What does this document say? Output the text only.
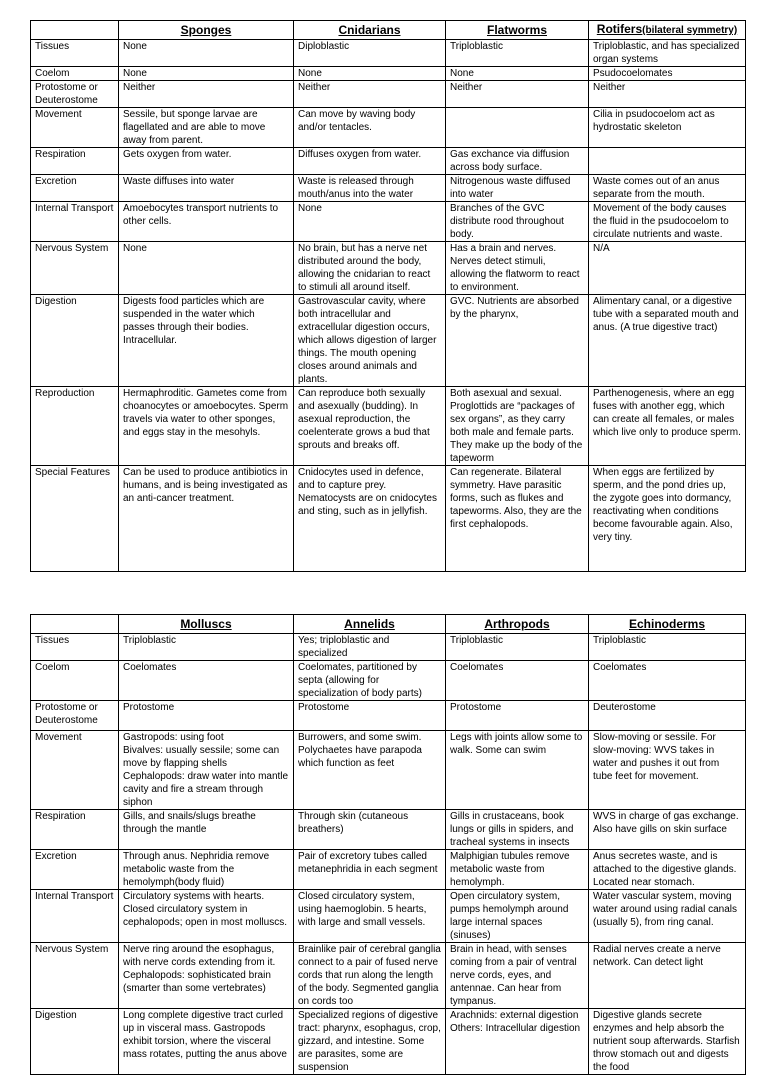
	Sponges	Cnidarians	Flatworms	Rotifers(bilateral symmetry)
Tissues	None	Diploblastic	Triploblastic	Triploblastic, and has specialized organ systems
Coelom	None	None	None	Psudocoelomates
Protostome or Deuterostome	Neither	Neither	Neither	Neither
Movement	Sessile, but sponge larvae are flagellated and are able to move away from parent.	Can move by waving body and/or tentacles.		Cilia in psudocoelom act as hydrostatic skeleton
Respiration	Gets oxygen from water.	Diffuses oxygen from water.	Gas exchance via diffusion across body surface.	
Excretion	Waste diffuses into water	Waste is released through mouth/anus into the water	Nitrogenous waste diffused into water	Waste comes out of an anus separate from the mouth.
Internal Transport	Amoebocytes transport nutrients to other cells.	None	Branches of the GVC distribute rood throughout body.	Movement of the body causes the fluid in the psudocoelom to circulate nutrients and waste.
Nervous System	None	No brain, but has a nerve net distributed around the body, allowing the cnidarian to react to stimuli all around itself.	Has a brain and nerves. Nerves detect stimuli, allowing the flatworm to react to environment.	N/A
Digestion	Digests food particles which are suspended in the water which passes through their bodies. Intracellular.	Gastrovascular cavity, where both intracellular and extracellular digestion occurs, which allows digestion of larger things. The mouth opening closes around animals and plants.	GVC. Nutrients are absorbed by the pharynx,	Alimentary canal, or a digestive tube with a separated mouth and anus. (A true digestive tract)
Reproduction	Hermaphroditic. Gametes come from choanocytes or amoebocytes. Sperm travels via water to other sponges, and eggs stay in the mesohyls.	Can reproduce both sexually and asexually (budding). In asexual reproduction, the coelenterate grows a bud that sprouts and breaks off.	Both asexual and sexual. Proglottids are “packages of sex organs”, as they carry both male and female parts. They make up the body of the tapeworm	Parthenogenesis, where an egg fuses with another egg, which can create all females, or males which live only to produce sperm.
Special Features	Can be used to produce antibiotics in humans, and is being investigated as an anti-cancer treatment.	Cnidocytes used in defence, and to capture prey. Nematocysts are on cnidocytes and sting, such as in jellyfish.	Can regenerate. Bilateral symmetry. Have parasitic forms, such as flukes and tapeworms. Also, they are the first cephalopods.	When eggs are fertilized by sperm, and the pond dries up, the zygote goes into dormancy, reactivating when conditions become favourable again. Also, very tiny.
	Molluscs	Annelids	Arthropods	Echinoderms
Tissues	Triploblastic	Yes; triploblastic and specialized	Triploblastic	Triploblastic
Coelom	Coelomates	Coelomates, partitioned by septa (allowing for specialization of body parts)	Coelomates	Coelomates
Protostome or Deuterostome	Protostome	Protostome	Protostome	Deuterostome
Movement	Gastropods: using foot
Bivalves: usually sessile; some can move by flapping shells
Cephalopods: draw water into mantle cavity and fire a stream through siphon	Burrowers, and some swim. Polychaetes have parapoda which function as feet	Legs with joints allow some to walk. Some can swim	Slow-moving or sessile. For slow-moving: WVS takes in water and pushes it out from tube feet for movement.
Respiration	Gills, and snails/slugs breathe through the mantle	Through skin (cutaneous breathers)	Gills in crustaceans, book lungs or gills in spiders, and tracheal systems in insects	WVS in charge of gas exchange. Also have gills on skin surface
Excretion	Through anus. Nephridia remove metabolic waste from the hemolymph(body fluid)	Pair of excretory tubes called metanephridia in each segment	Malphigian tubules remove metabolic waste from hemolymph.	Anus secretes waste, and is attached to the digestive glands. Located near stomach.
Internal Transport	Circulatory systems with hearts. Closed circulatory system in cephalopods; open in most molluscs.	Closed circulatory system, using haemoglobin. 5 hearts, with large and small vessels.	Open circulatory system, pumps hemolymph around large internal spaces (sinuses)	Water vascular system, moving water around using radial canals (usually 5), from ring canal.
Nervous System	Nerve ring around the esophagus, with nerve cords extending from it. Cephalopods: sophisticated brain (smarter than some vertebrates)	Brainlike pair of cerebral ganglia connect to a pair of fused nerve cords that run along the length of the body. Segmented ganglia on cords too	Brain in head, with senses coming from a pair of ventral nerve cords, eyes, and antennae. Can hear from tympanus.	Radial nerves create a nerve network. Can detect light
Digestion	Long complete digestive tract curled up in visceral mass. Gastropods exhibit torsion, where the visceral mass rotates, putting the anus above	Specialized regions of digestive tract: pharynx, esophagus, crop, gizzard, and intestine. Some are parasites, some are suspension	Arachnids: external digestion
Others: Intracellular digestion	Digestive glands secrete enzymes and help absorb the nutrient soup afterwards. Starfish throw stomach out and digests the food
